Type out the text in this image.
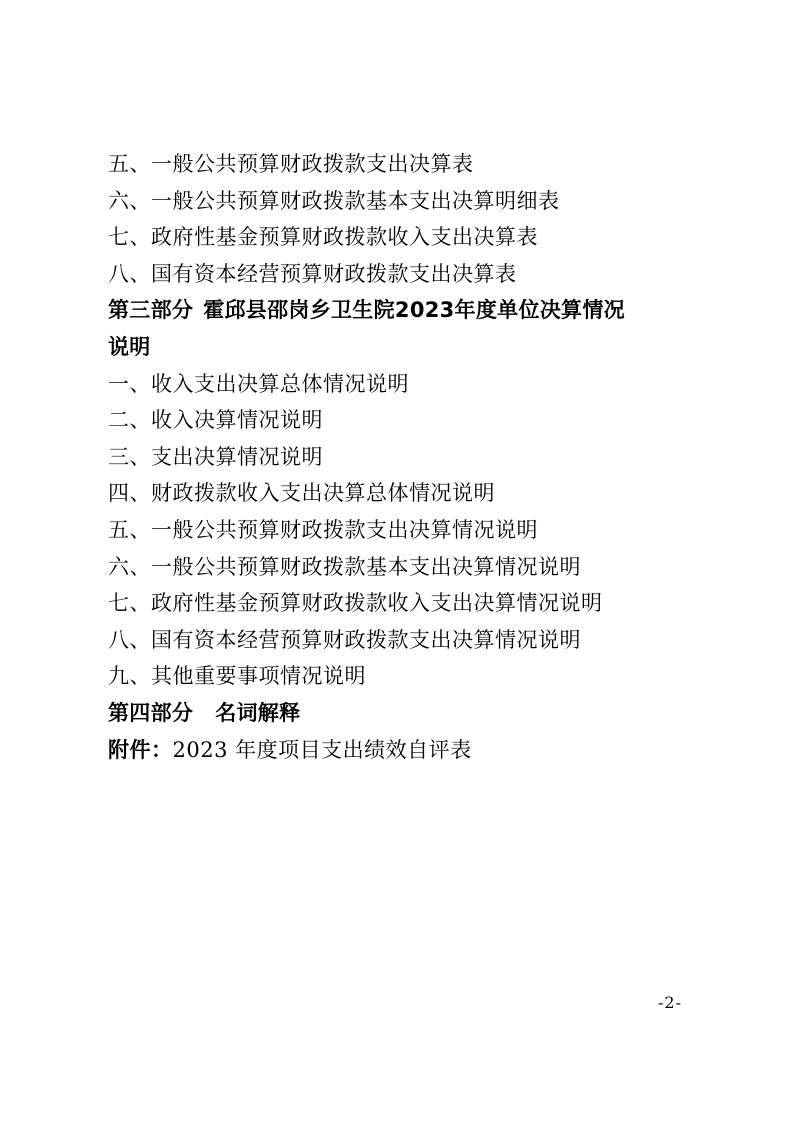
五、一般公共预算财政拨款支出决算表
六、一般公共预算财政拨款基本支出决算明细表
七、政府性基金预算财政拨款收入支出决算表
八、国有资本经营预算财政拨款支出决算表
第三部分 霍邱县邵岗乡卫生院2023年度单位决算情况
说明
一、收入支出决算总体情况说明
二、收入决算情况说明
三、支出决算情况说明
四、财政拨款收入支出决算总体情况说明
五、一般公共预算财政拨款支出决算情况说明
六、一般公共预算财政拨款基本支出决算情况说明
七、政府性基金预算财政拨款收入支出决算情况说明
八、国有资本经营预算财政拨款支出决算情况说明
九、其他重要事项情况说明
第四部分 名词解释
附件：2023 年度项目支出绩效自评表
-2-
